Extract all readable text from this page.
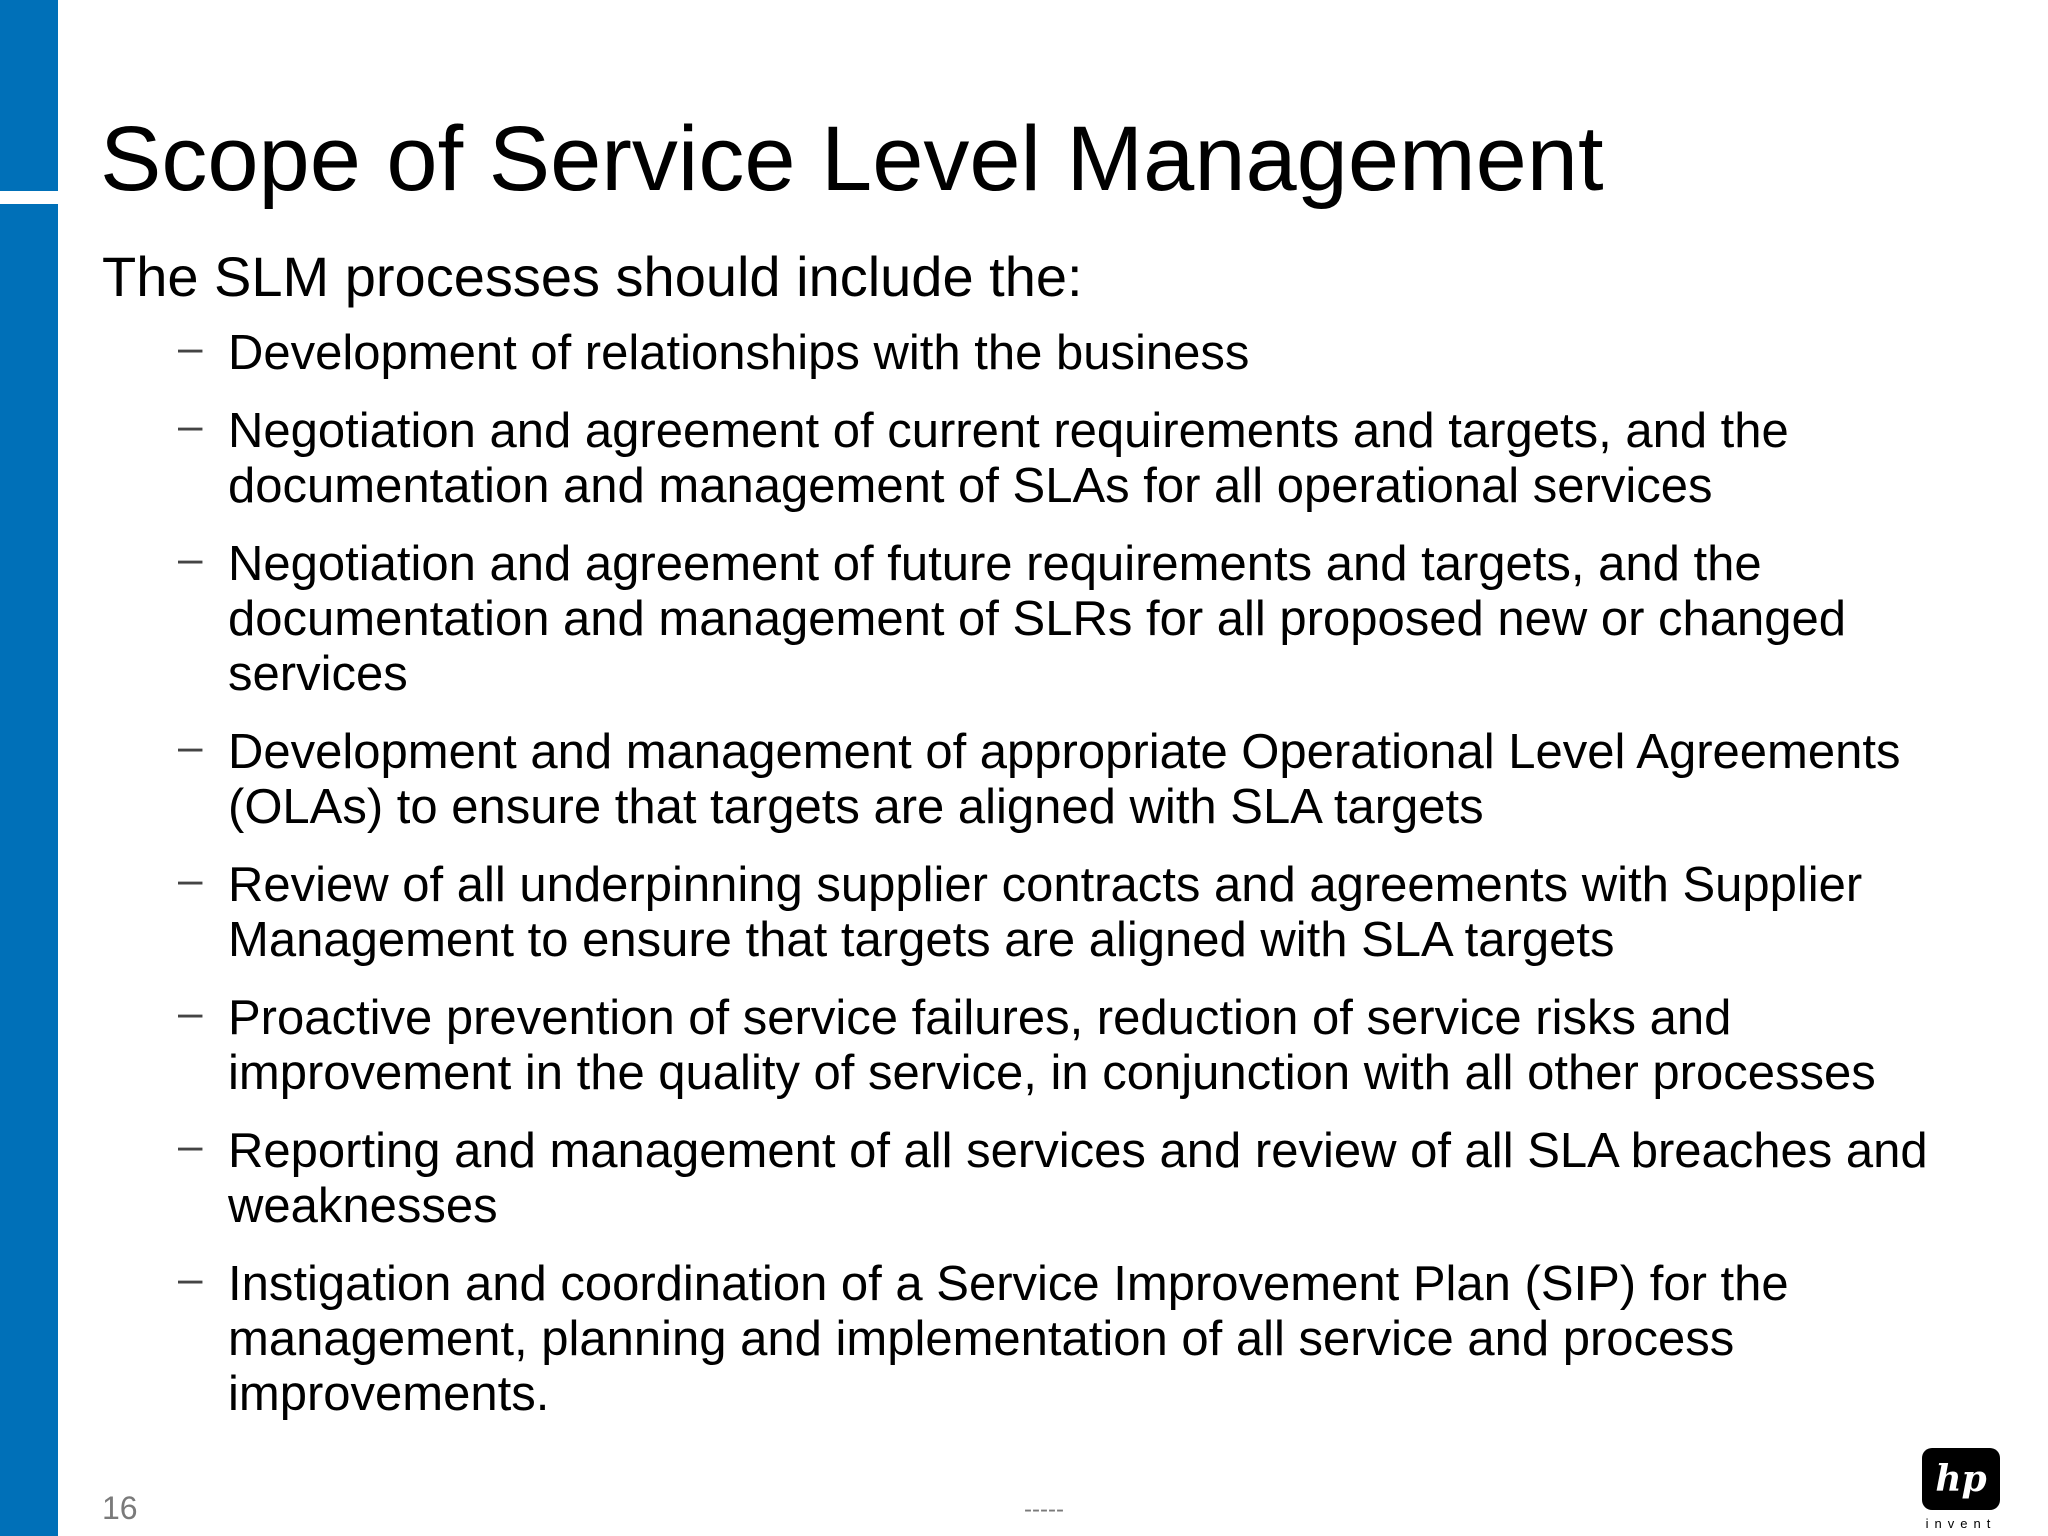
Scope of Service Level Management

The SLM processes should include the:

– Development of relationships with the business
– Negotiation and agreement of current requirements and targets, and the documentation and management of SLAs for all operational services
– Negotiation and agreement of future requirements and targets, and the documentation and management of SLRs for all proposed new or changed services
– Development and management of appropriate Operational Level Agreements (OLAs) to ensure that targets are aligned with SLA targets
– Review of all underpinning supplier contracts and agreements with Supplier Management to ensure that targets are aligned with SLA targets
– Proactive prevention of service failures, reduction of service risks and improvement in the quality of service, in conjunction with all other processes
– Reporting and management of all services and review of all SLA breaches and weaknesses
– Instigation and coordination of a Service Improvement Plan (SIP) for the management, planning and implementation of all service and process improvements.
16	-----
hp
invent
